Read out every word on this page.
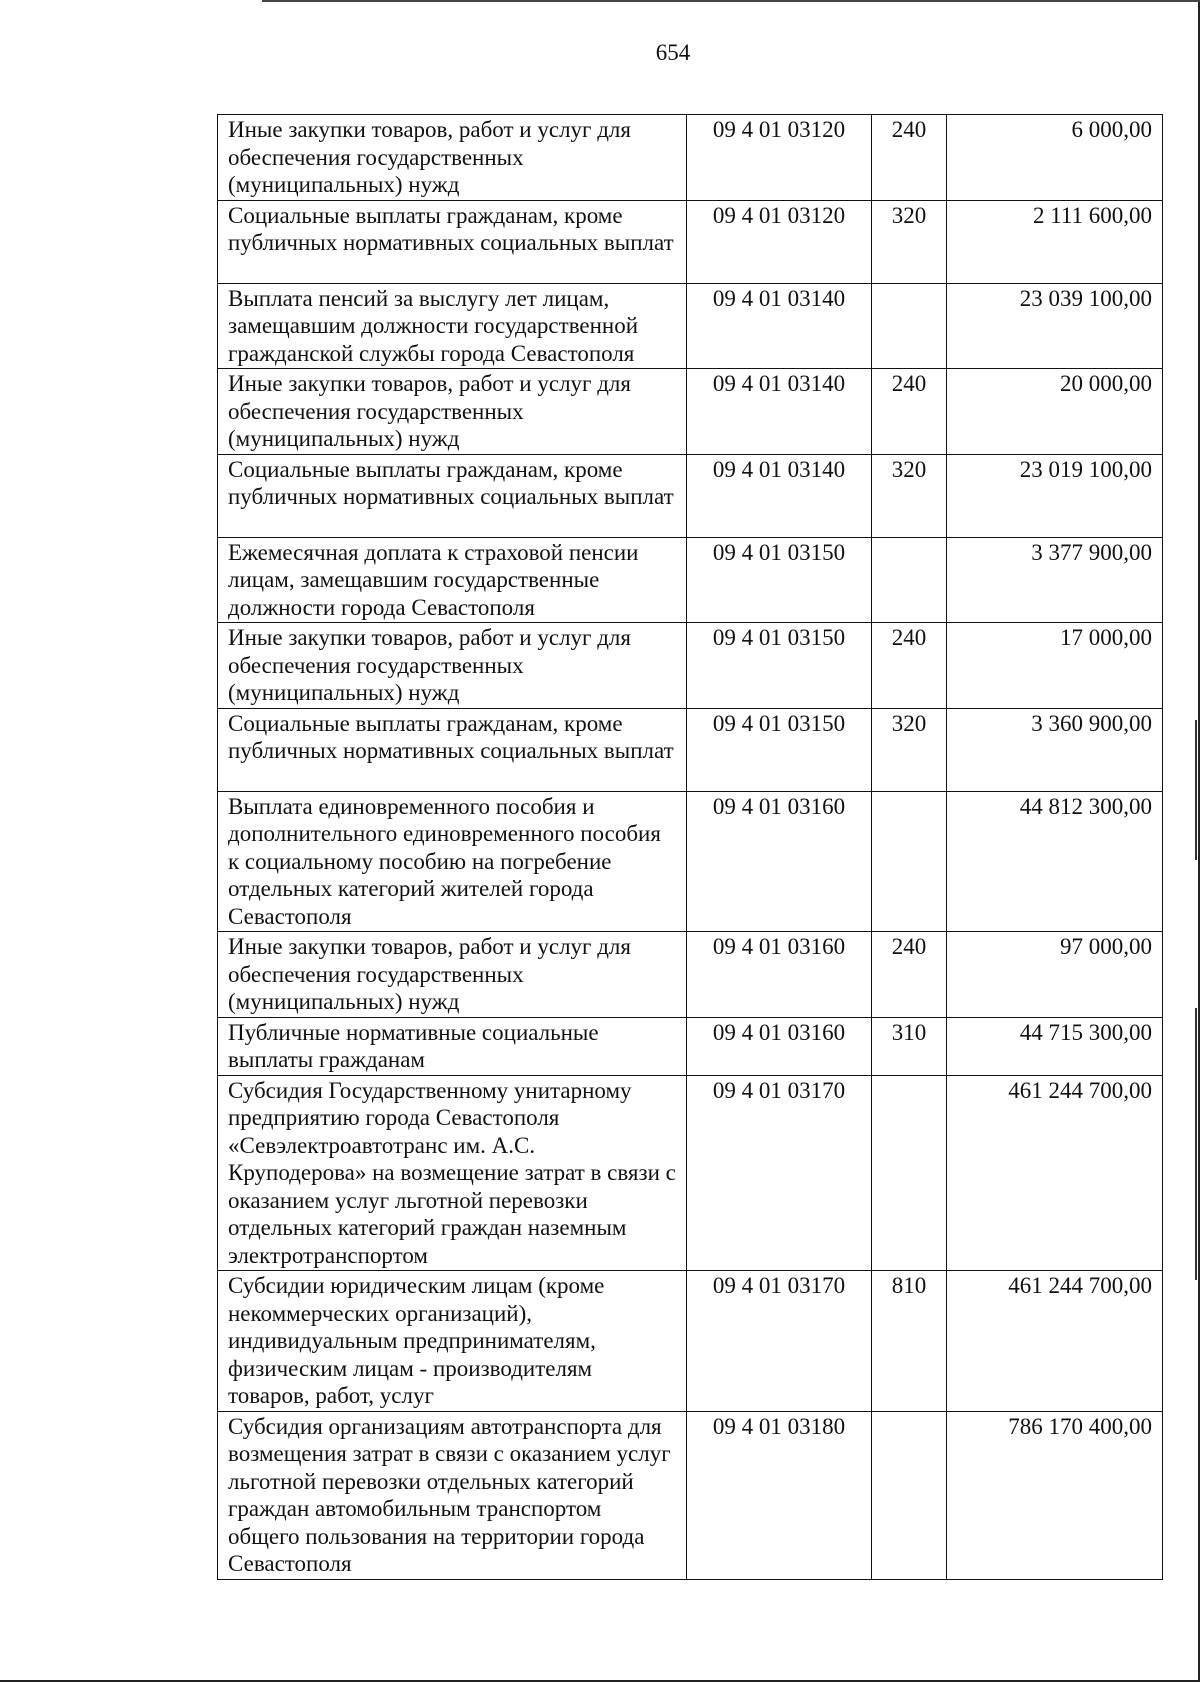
654
Иные закупки товаров, работ и услуг для обеспечения государственных (муниципальных) нужд	09 4 01 03120	240	6 000,00
Социальные выплаты гражданам, кроме публичных нормативных социальных выплат	09 4 01 03120	320	2 111 600,00
Выплата пенсий за выслугу лет лицам, замещавшим должности государственной гражданской службы города Севастополя	09 4 01 03140		23 039 100,00
Иные закупки товаров, работ и услуг для обеспечения государственных (муниципальных) нужд	09 4 01 03140	240	20 000,00
Социальные выплаты гражданам, кроме публичных нормативных социальных выплат	09 4 01 03140	320	23 019 100,00
Ежемесячная доплата к страховой пенсии лицам, замещавшим государственные должности города Севастополя	09 4 01 03150		3 377 900,00
Иные закупки товаров, работ и услуг для обеспечения государственных (муниципальных) нужд	09 4 01 03150	240	17 000,00
Социальные выплаты гражданам, кроме публичных нормативных социальных выплат	09 4 01 03150	320	3 360 900,00
Выплата единовременного пособия и дополнительного единовременного пособия к социальному пособию на погребение отдельных категорий жителей города Севастополя	09 4 01 03160		44 812 300,00
Иные закупки товаров, работ и услуг для обеспечения государственных (муниципальных) нужд	09 4 01 03160	240	97 000,00
Публичные нормативные социальные выплаты гражданам	09 4 01 03160	310	44 715 300,00
Субсидия Государственному унитарному предприятию города Севастополя «Севэлектроавтотранс им. А.С. Круподерова» на возмещение затрат в связи с оказанием услуг льготной перевозки отдельных категорий граждан наземным электротранспортом	09 4 01 03170		461 244 700,00
Субсидии юридическим лицам (кроме некоммерческих организаций), индивидуальным предпринимателям, физическим лицам - производителям товаров, работ, услуг	09 4 01 03170	810	461 244 700,00
Субсидия организациям автотранспорта для возмещения затрат в связи с оказанием услуг льготной перевозки отдельных категорий граждан автомобильным транспортом общего пользования на территории города Севастополя	09 4 01 03180		786 170 400,00
